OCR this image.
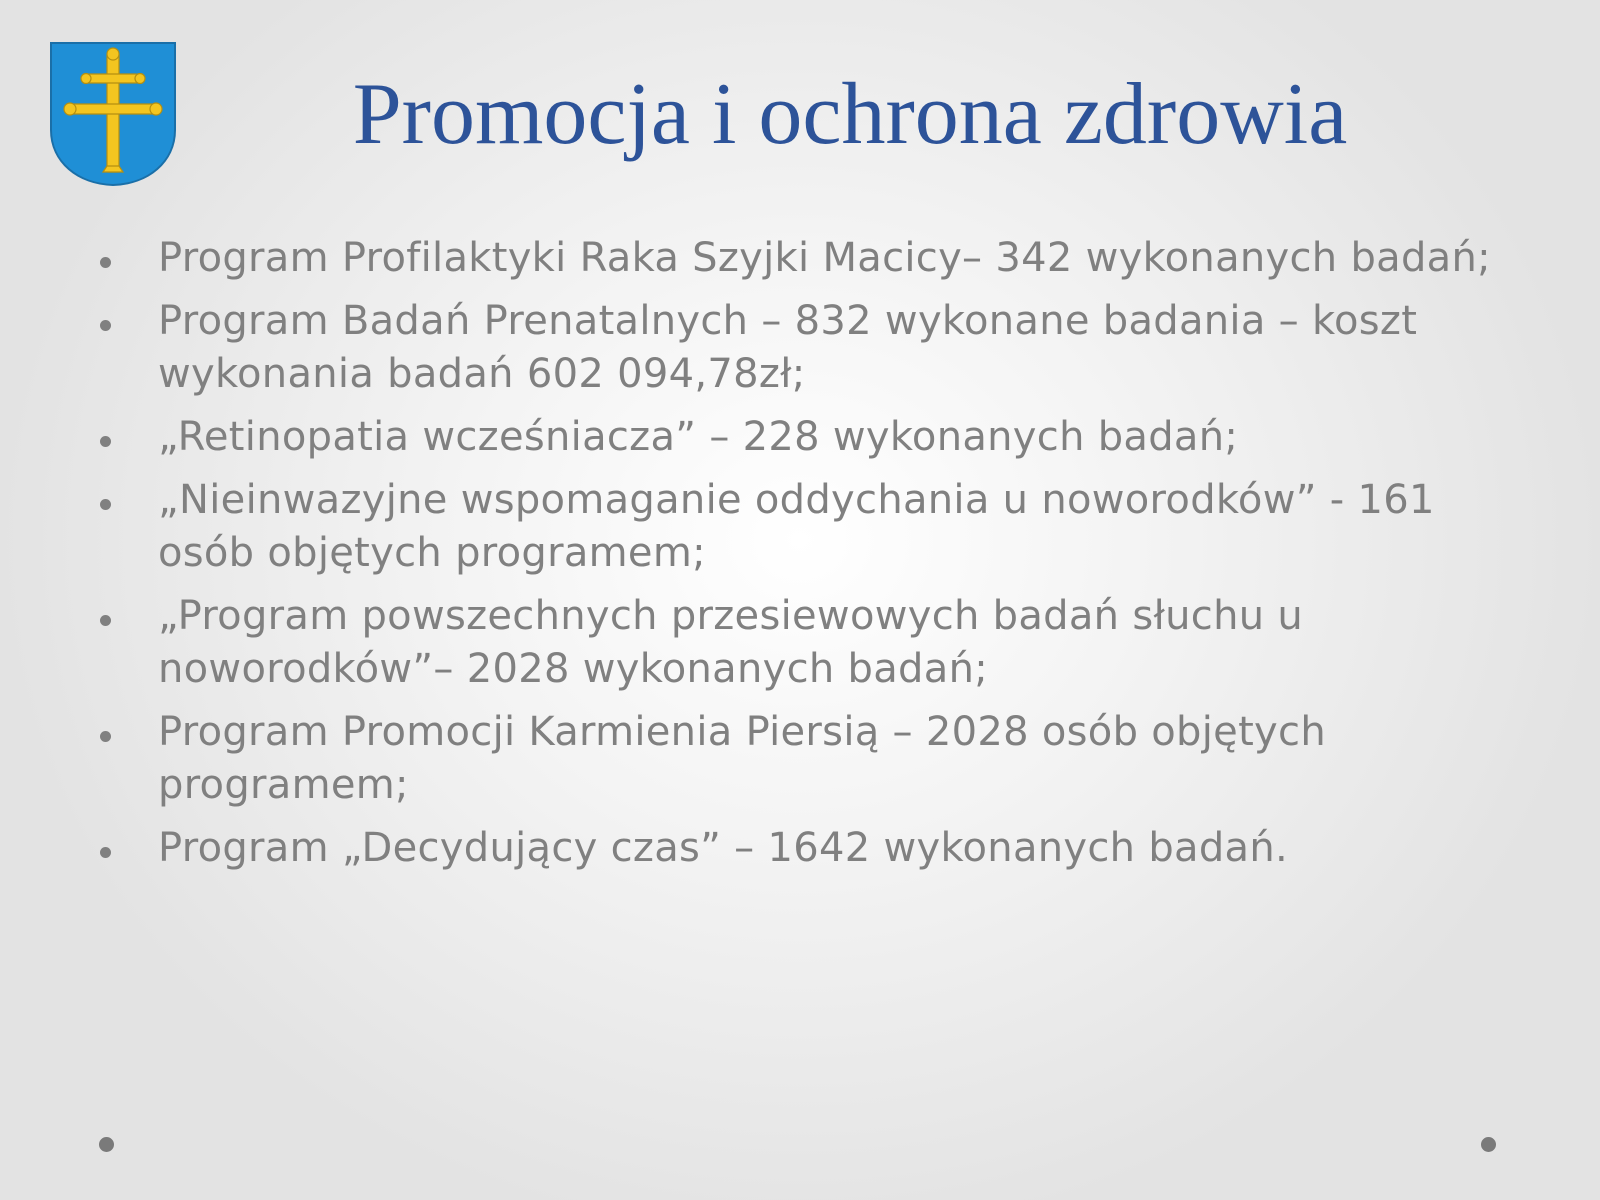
Promocja i ochrona zdrowia
Program Profilaktyki Raka Szyjki Macicy– 342 wykonanych badań;
Program Badań Prenatalnych – 832 wykonane badania – koszt wykonania badań 602 094,78zł;
„Retinopatia wcześniacza” – 228 wykonanych badań;
„Nieinwazyjne wspomaganie oddychania u noworodków” - 161 osób objętych programem;
„Program powszechnych przesiewowych badań słuchu u noworodków”– 2028 wykonanych badań;
Program Promocji Karmienia Piersią – 2028 osób objętych programem;
Program „Decydujący czas” – 1642 wykonanych badań.
